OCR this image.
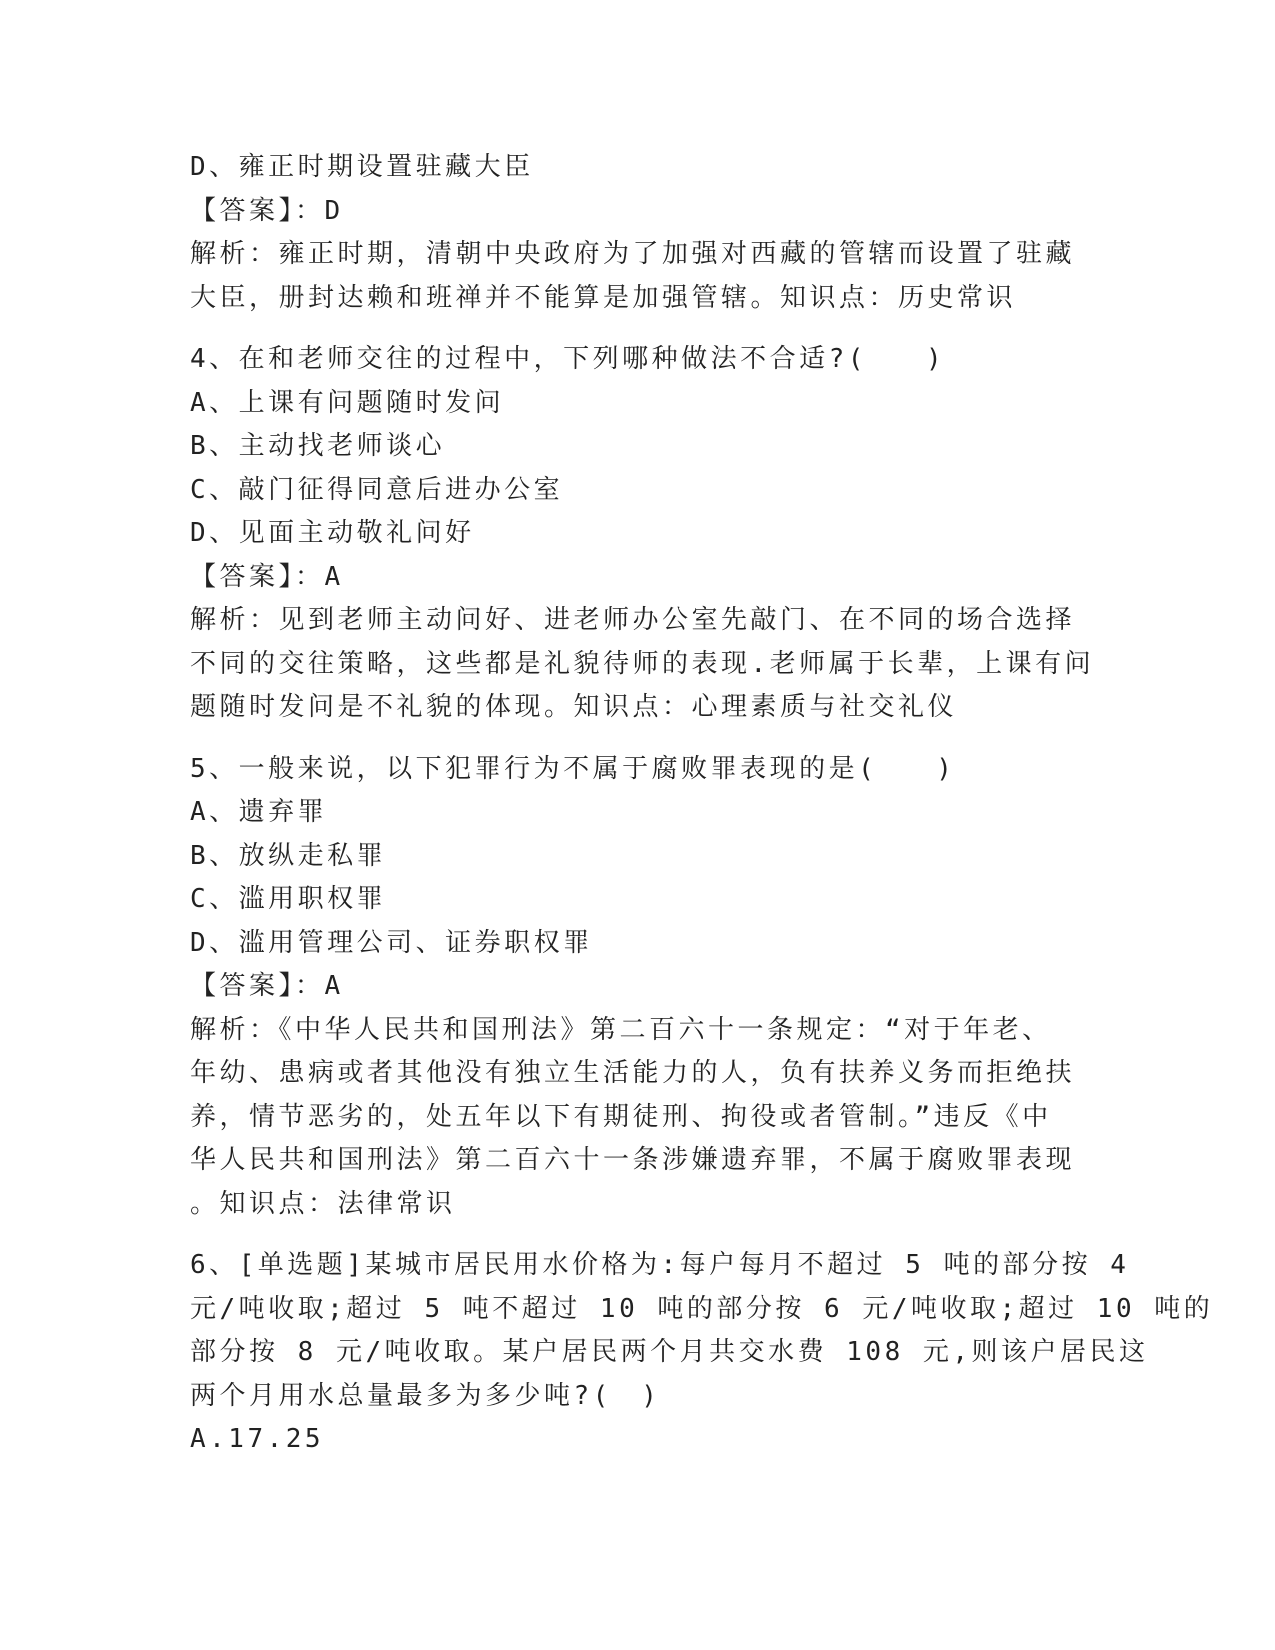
D、雍正时期设置驻藏大臣

【答案】：D

解析：雍正时期，清朝中央政府为了加强对西藏的管辖而设置了驻藏

大臣，册封达赖和班禅并不能算是加强管辖。知识点：历史常识

4、在和老师交往的过程中，下列哪种做法不合适?(　　)

A、上课有问题随时发问

B、主动找老师谈心

C、敲门征得同意后进办公室

D、见面主动敬礼问好

【答案】：A

解析：见到老师主动问好、进老师办公室先敲门、在不同的场合选择

不同的交往策略，这些都是礼貌待师的表现.老师属于长辈，上课有问

题随时发问是不礼貌的体现。知识点：心理素质与社交礼仪

5、一般来说，以下犯罪行为不属于腐败罪表现的是(　　)

A、遗弃罪

B、放纵走私罪

C、滥用职权罪

D、滥用管理公司、证券职权罪

【答案】：A

解析：《中华人民共和国刑法》第二百六十一条规定：“对于年老、

年幼、患病或者其他没有独立生活能力的人，负有扶养义务而拒绝扶

养，情节恶劣的，处五年以下有期徒刑、拘役或者管制。”违反《中

华人民共和国刑法》第二百六十一条涉嫌遗弃罪，不属于腐败罪表现

。知识点：法律常识

6、[单选题]某城市居民用水价格为:每户每月不超过 5 吨的部分按 4

元/吨收取;超过 5 吨不超过 10 吨的部分按 6 元/吨收取;超过 10 吨的

部分按 8 元/吨收取。某户居民两个月共交水费 108 元,则该户居民这

两个月用水总量最多为多少吨?(　)

A.17.25
